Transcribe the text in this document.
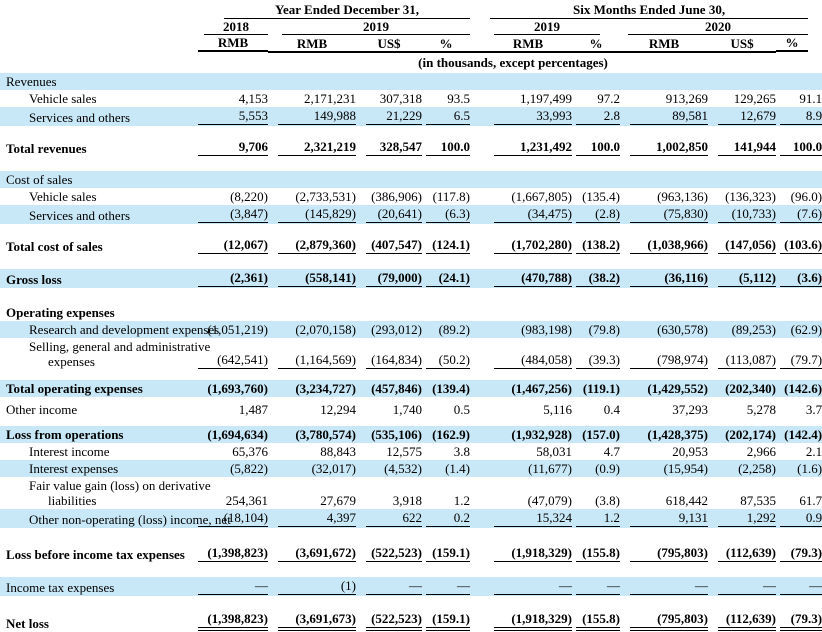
	Year Ended December 31,					Six Months Ended June 30,				

	2018	2019				2019		2020		

	RMB	RMB	US$	%		RMB	%	RMB	US$	%

	(in thousands, except percentages)									
Revenues	

Vehicle sales	4,153	2,171,231	307,318	93.5		1,197,499	97.2	913,269	129,265	91.1

Services and others	5,553	149,988	21,229	6.5		33,993	2.8	89,581	12,679	8.9

Total revenues	9,706	2,321,219	328,547	100.0		1,231,492	100.0	1,002,850	141,944	100.0

Cost of sales	

Vehicle sales	(8,220)	(2,733,531)	(386,906)	(117.8)		(1,667,805)	(135.4)	(963,136)	(136,323)	(96.0)

Services and others	(3,847)	(145,829)	(20,641)	(6.3)		(34,475)	(2.8)	(75,830)	(10,733)	(7.6)

Total cost of sales	(12,067)	(2,879,360)	(407,547)	(124.1)		(1,702,280)	(138.2)	(1,038,966)	(147,056)	(103.6)

Gross loss	(2,361)	(558,141)	(79,000)	(24.1)		(470,788)	(38.2)	(36,116)	(5,112)	(3.6)

Operating expenses	

Research and development expenses	(1,051,219)	(2,070,158)	(293,012)	(89.2)		(983,198)	(79.8)	(630,578)	(89,253)	(62.9)

Selling, general and administrative
expenses	(642,541)	(1,164,569)	(164,834)	(50.2)		(484,058)	(39.3)	(798,974)	(113,087)	(79.7)

Total operating expenses	(1,693,760)	(3,234,727)	(457,846)	(139.4)		(1,467,256)	(119.1)	(1,429,552)	(202,340)	(142.6)

Other income	1,487	12,294	1,740	0.5		5,116	0.4	37,293	5,278	3.7

Loss from operations	(1,694,634)	(3,780,574)	(535,106)	(162.9)		(1,932,928)	(157.0)	(1,428,375)	(202,174)	(142.4)

Interest income	65,376	88,843	12,575	3.8		58,031	4.7	20,953	2,966	2.1

Interest expenses	(5,822)	(32,017)	(4,532)	(1.4)		(11,677)	(0.9)	(15,954)	(2,258)	(1.6)

Fair value gain (loss) on derivative
liabilities	254,361	27,679	3,918	1.2		(47,079)	(3.8)	618,442	87,535	61.7

Other non-operating (loss) income, net	(18,104)	4,397	622	0.2		15,324	1.2	9,131	1,292	0.9

Loss before income tax expenses	(1,398,823)	(3,691,672)	(522,523)	(159.1)		(1,918,329)	(155.8)	(795,803)	(112,639)	(79.3)

Income tax expenses	—	(1)	—	—		—	—	—	—	—

Net loss	(1,398,823)	(3,691,673)	(522,523)	(159.1)		(1,918,329)	(155.8)	(795,803)	(112,639)	(79.3)
